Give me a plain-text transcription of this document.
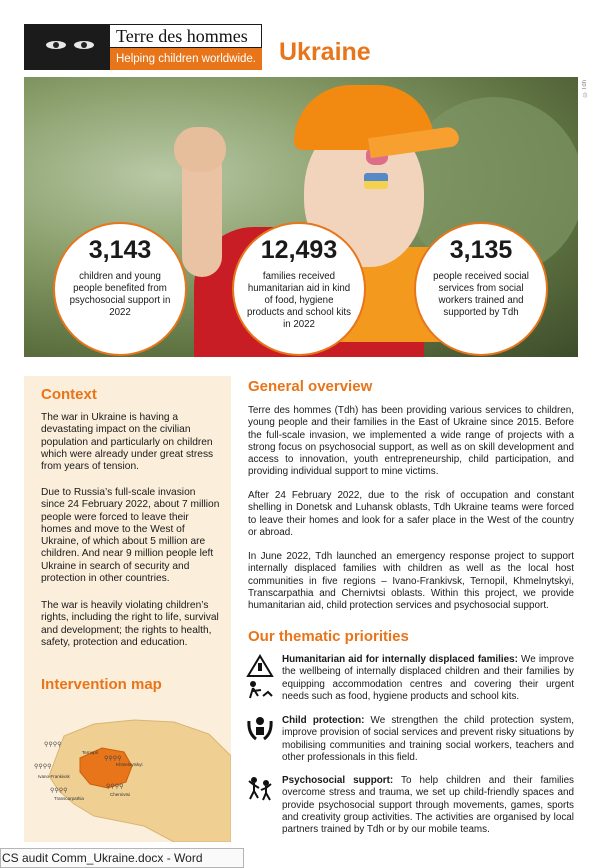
Terre des hommes
Helping children worldwide. Ukraine
©Tdh
3,143
children and young people benefited from psychosocial support in 2022
12,493
families received humanitarian aid in kind of food, hygiene products and school kits in 2022
3,135
people received social services from social workers trained and supported by Tdh
Context
The war in Ukraine is having a devastating impact on the civilian population and particularly on children which were already under great stress from years of tension.
Due to Russia’s full-scale invasion since 24 February 2022, about 7 million people were forced to leave their homes and move to the West of Ukraine, of which about 5 million are children. And near 9 million people left Ukraine in search of security and protection in other countries.
The war is heavily violating children’s rights, including the right to life, survival and development; the rights to health, safety, protection and education.
Intervention map
Ternopil
Ivano-Frankivsk
Khmelnytskyi
Transcarpathia
Chernivtsi
⚲⚲⚲⚲
⚲⚲⚲⚲
⚲⚲⚲⚲
⚲⚲⚲⚲
⚲⚲⚲⚲
General overview
Terre des hommes (Tdh) has been providing various services to children, young people and their families in the East of Ukraine since 2015. Before the full-scale invasion, we implemented a wide range of projects with a strong focus on psychosocial support, as well as on skill development and access to innovation, youth entrepreneurship, child participation, and providing individual support to mine victims.
After 24 February 2022, due to the risk of occupation and constant shelling in Donetsk and Luhansk oblasts, Tdh Ukraine teams were forced to leave their homes and look for a safer place in the West of the country or abroad.
In June 2022, Tdh launched an emergency response project to support internally displaced families with children as well as the local host communities in five regions – Ivano-Frankivsk, Ternopil, Khmelnytskyi, Transcarpathia and Chernivtsi oblasts. Within this project, we provide humanitarian aid, child protection services and psychosocial support.
Our thematic priorities
Humanitarian aid for internally displaced families: We improve the wellbeing of internally displaced children and their families by equipping accommodation centres and covering their urgent needs such as food, hygiene products and school kits.
Child protection: We strengthen the child protection system, improve provision of social services and prevent risky situations by mobilising communities and training social workers, teachers and other professionals in this field.
Psychosocial support: To help children and their families overcome stress and trauma, we set up child-friendly spaces and provide psychosocial support through movements, games, sports and creativity group activities. The activities are organised by local partners trained by Tdh or by our mobile teams.
CS audit Comm_Ukraine.docx - Word
